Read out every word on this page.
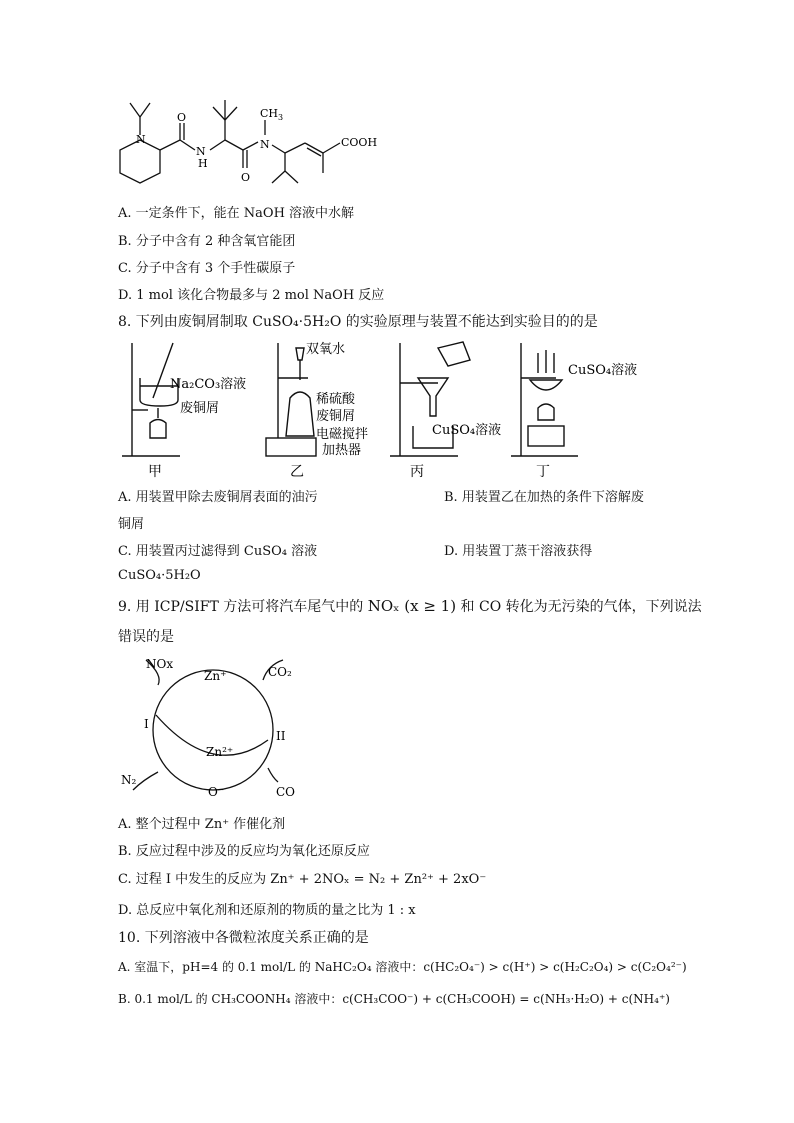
N
O
N
H
O
N
$CH_3$
COOH
A. 一定条件下，能在 NaOH 溶液中水解
B. 分子中含有 2 种含氧官能团
C. 分子中含有 3 个手性碳原子
D. 1 mol 该化合物最多与 2 mol NaOH 反应
8. 下列由废铜屑制取 CuSO₄·5H₂O 的实验原理与装置不能达到实验目的的是
Na₂CO₃溶液
废铜屑
甲
双氧水
稀硫酸
废铜屑
电磁搅拌
加热器
乙
CuSO₄溶液
丙
CuSO₄溶液
丁
A. 用装置甲除去废铜屑表面的油污	B. 用装置乙在加热的条件下溶解废
铜屑
C. 用装置丙过滤得到 CuSO₄ 溶液	D. 用装置丁蒸干溶液获得
CuSO₄·5H₂O
9. 用 ICP/SIFT 方法可将汽车尾气中的 NOₓ (x ≥ 1) 和 CO 转化为无污染的气体，下列说法
错误的是
NOx
Zn⁺	CO₂
I
II
Zn²⁺
N₂
O⁻	CO
A. 整个过程中 Zn⁺ 作催化剂
B. 反应过程中涉及的反应均为氧化还原反应
C. 过程 I 中发生的反应为 Zn⁺ + 2NOₓ = N₂ + Zn²⁺ + 2xO⁻
D. 总反应中氧化剂和还原剂的物质的量之比为 1 : x
10. 下列溶液中各微粒浓度关系正确的是
A. 室温下，pH=4 的 0.1 mol/L 的 NaHC₂O₄ 溶液中：c(HC₂O₄⁻) > c(H⁺) > c(H₂C₂O₄) > c(C₂O₄²⁻)
B. 0.1 mol/L 的 CH₃COONH₄ 溶液中：c(CH₃COO⁻) + c(CH₃COOH) = c(NH₃·H₂O) + c(NH₄⁺)
